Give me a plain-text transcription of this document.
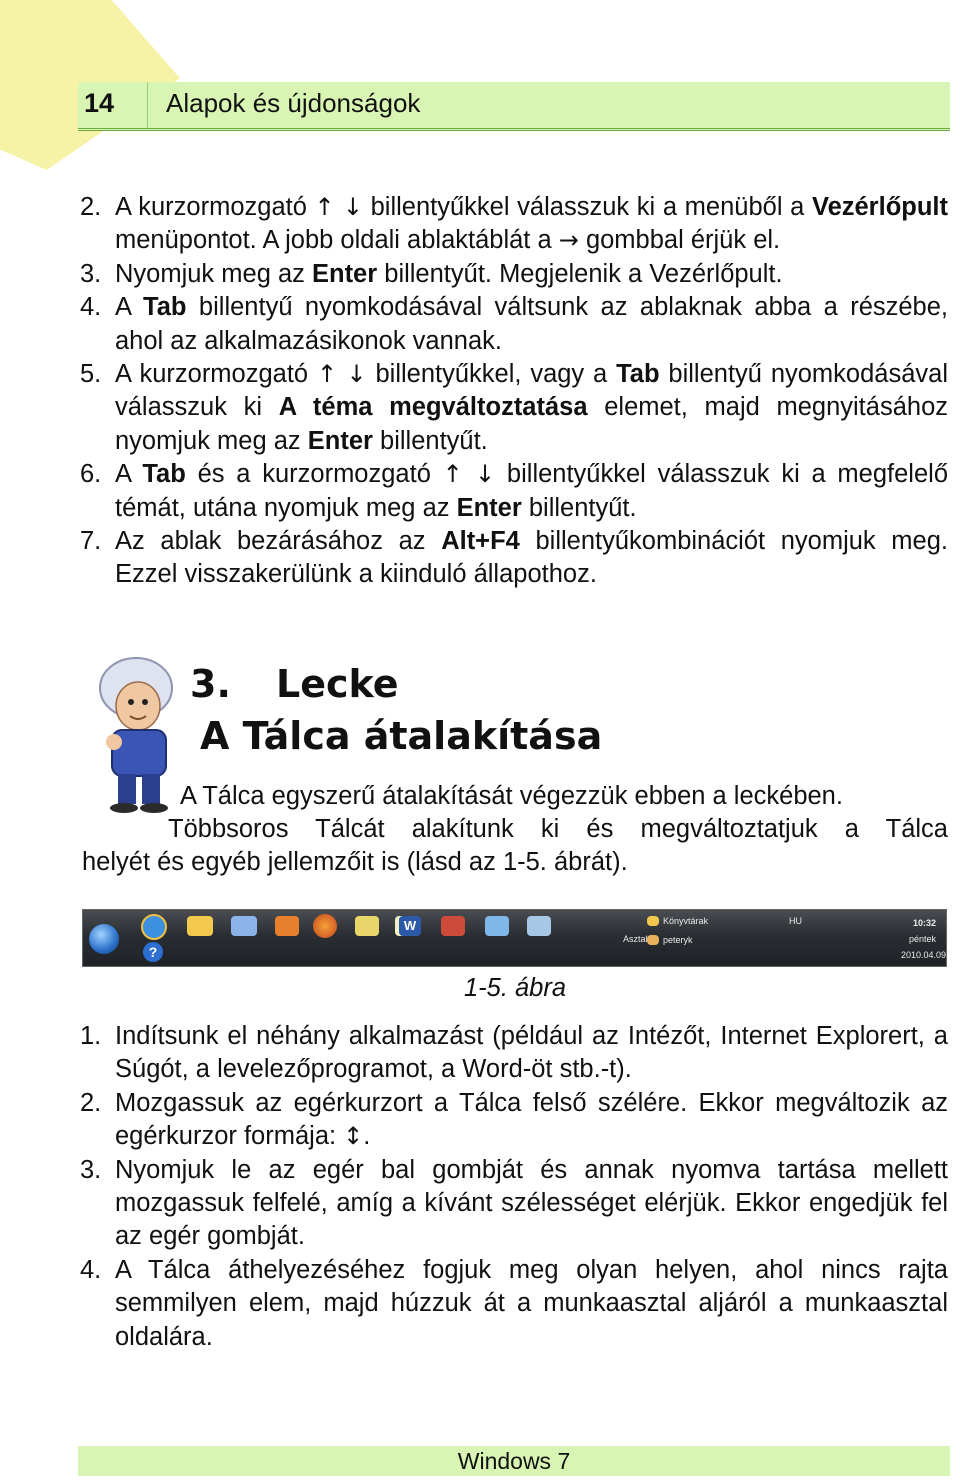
14	Alapok és újdonságok
2. A kurzormozgató ↑ ↓ billentyűkkel válasszuk ki a menüből a Vezérlőpult menüpontot. A jobb oldali ablaktáblát a → gombbal érjük el.
3. Nyomjuk meg az Enter billentyűt. Megjelenik a Vezérlőpult.
4. A Tab billentyű nyomkodásával váltsunk az ablaknak abba a részébe, ahol az alkalmazásikonok vannak.
5. A kurzormozgató ↑ ↓ billentyűkkel, vagy a Tab billentyű nyomkodásával válasszuk ki A téma megváltoztatása elemet, majd megnyitásához nyomjuk meg az Enter billentyűt.
6. A Tab és a kurzormozgató ↑ ↓ billentyűkkel válasszuk ki a megfelelő témát, utána nyomjuk meg az Enter billentyűt.
7. Az ablak bezárásához az Alt+F4 billentyűkombinációt nyomjuk meg. Ezzel visszakerülünk a kiinduló állapothoz.
3. Lecke
A Tálca átalakítása
A Tálca egyszerű átalakítását végezzük ebben a leckében.
Többsoros Tálcát alakítunk ki és megváltoztatjuk a Tálca
helyét és egyéb jellemzőit is (lásd az 1-5. ábrát).
?
W	Könyvtárak
peteryk
Asztal
HU	10:32
péntek
2010.04.09.
1-5. ábra
1. Indítsunk el néhány alkalmazást (például az Intézőt, Internet Explorert, a Súgót, a levelezőprogramot, a Word-öt stb.-t).
2. Mozgassuk az egérkurzort a Tálca felső szélére. Ekkor megváltozik az egérkurzor formája: ↕.
3. Nyomjuk le az egér bal gombját és annak nyomva tartása mellett mozgassuk felfelé, amíg a kívánt szélességet elérjük. Ekkor engedjük fel az egér gombját.
4. A Tálca áthelyezéséhez fogjuk meg olyan helyen, ahol nincs rajta semmilyen elem, majd húzzuk át a munkaasztal aljáról a munkaasztal oldalára.
Windows 7
